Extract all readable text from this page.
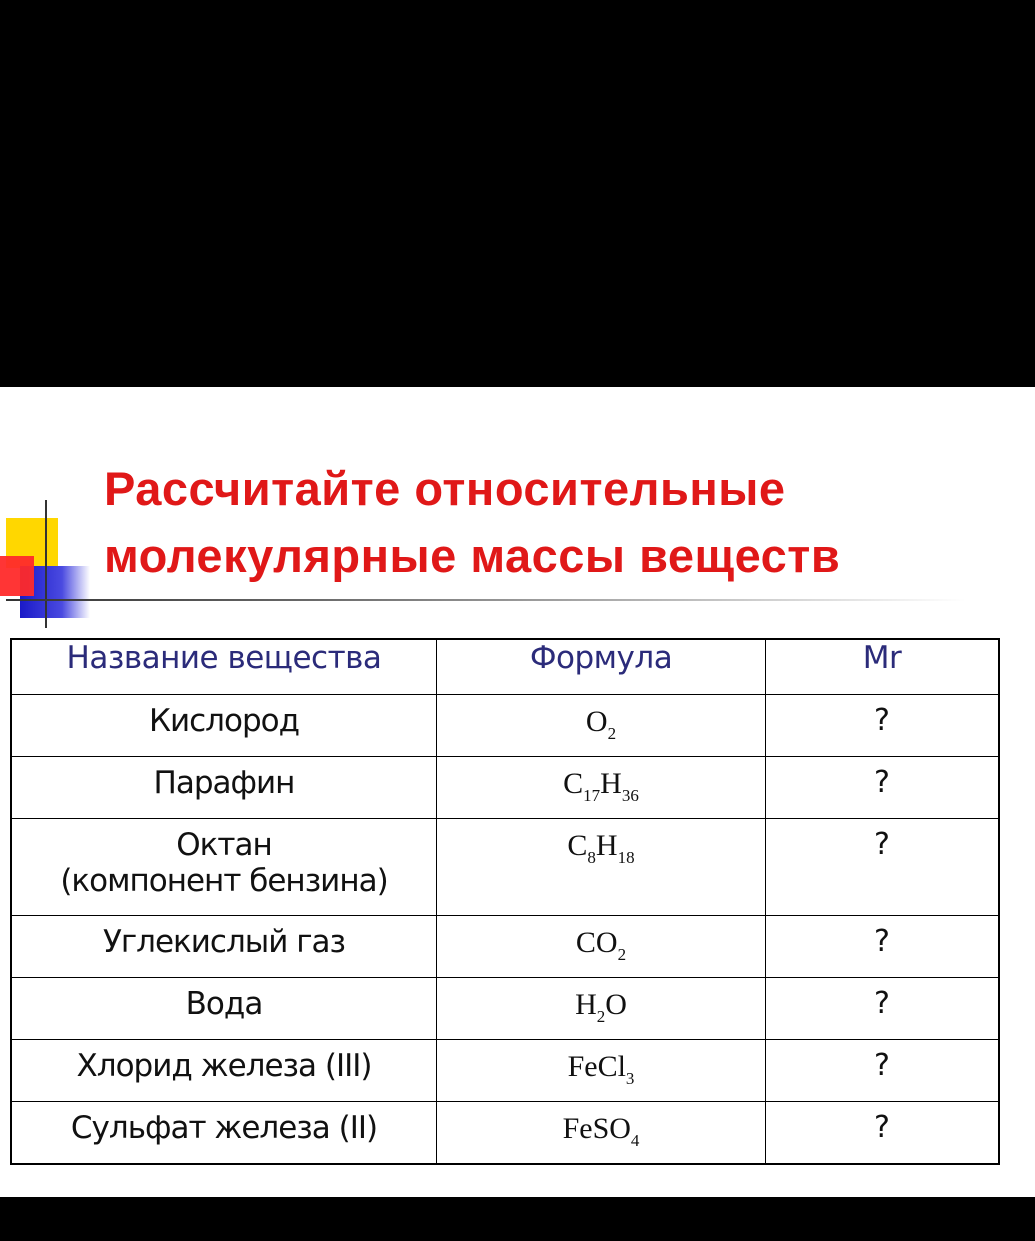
Рассчитайте относительные
молекулярные массы веществ
Название вещества	Формула	Mr

Кислород	$O_2$	?

Парафин	$C_{17}H_{36}$	?

Октан
(компонент бензина)	$C_8H_{18}$	?

Углекислый газ	$CO_2$	?

Вода	$H_2O$	?

Хлорид железа (III)	FeCl$_3$	?

Сульфат железа (II)	FeSO$_4$	?
